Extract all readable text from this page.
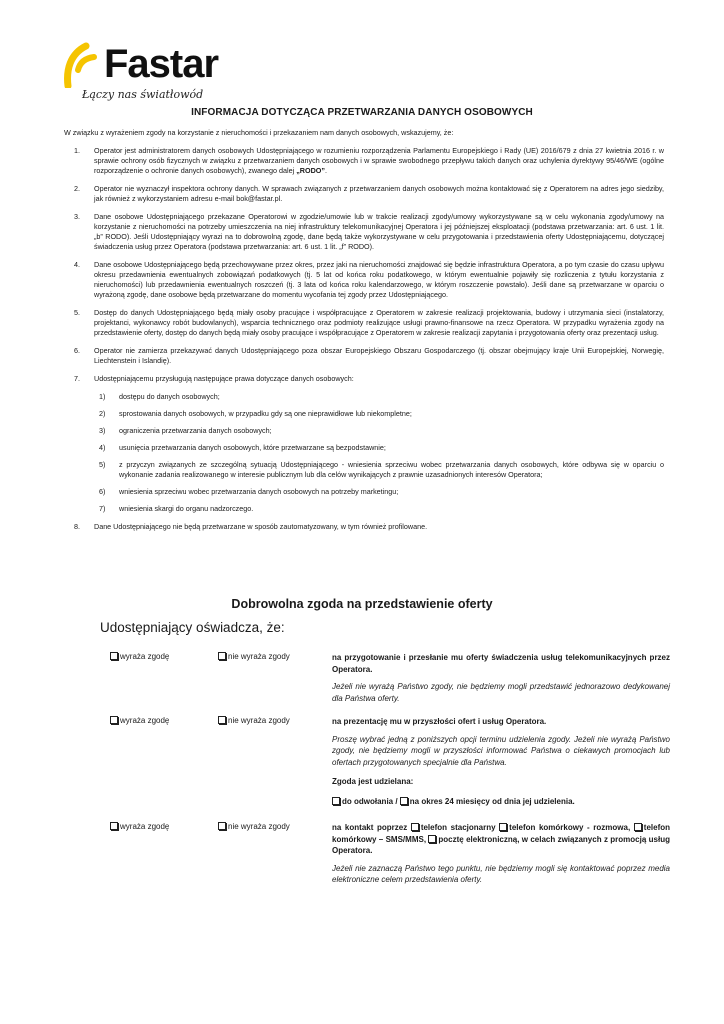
Fastar
Łączy nas światłowód
INFORMACJA DOTYCZĄCA PRZETWARZANIA DANYCH OSOBOWYCH
W związku z wyrażeniem zgody na korzystanie z nieruchomości i przekazaniem nam danych osobowych, wskazujemy, że:
1. Operator jest administratorem danych osobowych Udostępniającego w rozumieniu rozporządzenia Parlamentu Europejskiego i Rady (UE) 2016/679 z dnia 27 kwietnia 2016 r. w sprawie ochrony osób fizycznych w związku z przetwarzaniem danych osobowych i w sprawie swobodnego przepływu takich danych oraz uchylenia dyrektywy 95/46/WE (ogólne rozporządzenie o ochronie danych osobowych), zwanego dalej „RODO”.
2. Operator nie wyznaczył inspektora ochrony danych. W sprawach związanych z przetwarzaniem danych osobowych można kontaktować się z Operatorem na adres jego siedziby, jak również z wykorzystaniem adresu e-mail bok@fastar.pl.
3. Dane osobowe Udostępniającego przekazane Operatorowi w zgodzie/umowie lub w trakcie realizacji zgody/umowy wykorzystywane są w celu wykonania zgody/umowy na korzystanie z nieruchomości na potrzeby umieszczenia na niej infrastruktury telekomunikacyjnej Operatora i jej późniejszej eksploatacji (podstawa przetwarzania: art. 6 ust. 1 lit. „b” RODO). Jeśli Udostępniający wyrazi na to dobrowolną zgodę, dane będą także wykorzystywane w celu przygotowania i przedstawienia oferty Udostępniającemu, dotyczącej świadczenia usług przez Operatora (podstawa przetwarzania: art. 6 ust. 1 lit. „f” RODO).
4. Dane osobowe Udostępniającego będą przechowywane przez okres, przez jaki na nieruchomości znajdować się będzie infrastruktura Operatora, a po tym czasie do czasu upływu okresu przedawnienia ewentualnych zobowiązań podatkowych (tj. 5 lat od końca roku podatkowego, w którym ewentualnie pojawiły się rozliczenia z tytułu korzystania z nieruchomości) lub przedawnienia ewentualnych roszczeń (tj. 3 lata od końca roku kalendarzowego, w którym roszczenie powstało). Jeśli dane są przetwarzane w oparciu o wyrażoną zgodę, dane osobowe będą przetwarzane do momentu wycofania tej zgody przez Udostępniającego.
5. Dostęp do danych Udostępniającego będą miały osoby pracujące i współpracujące z Operatorem w zakresie realizacji projektowania, budowy i utrzymania sieci (instalatorzy, projektanci, wykonawcy robót budowlanych), wsparcia technicznego oraz podmioty realizujące usługi prawno-finansowe na rzecz Operatora. W przypadku wyrażenia zgody na przedstawienie oferty, dostęp do danych będą miały osoby pracujące i współpracujące z Operatorem w zakresie realizacji zapytania i przygotowania oferty oraz prezentacji usług.
6. Operator nie zamierza przekazywać danych Udostępniającego poza obszar Europejskiego Obszaru Gospodarczego (tj. obszar obejmujący kraje Unii Europejskiej, Norwegię, Liechtenstein i Islandię).
7. Udostępniającemu przysługują następujące prawa dotyczące danych osobowych:
1) dostępu do danych osobowych;
2) sprostowania danych osobowych, w przypadku gdy są one nieprawidłowe lub niekompletne;
3) ograniczenia przetwarzania danych osobowych;
4) usunięcia przetwarzania danych osobowych, które przetwarzane są bezpodstawnie;
5) z przyczyn związanych ze szczególną sytuacją Udostępniającego - wniesienia sprzeciwu wobec przetwarzania danych osobowych, które odbywa się w oparciu o wykonanie zadania realizowanego w interesie publicznym lub dla celów wynikających z prawnie uzasadnionych interesów Operatora;
6) wniesienia sprzeciwu wobec przetwarzania danych osobowych na potrzeby marketingu;
7) wniesienia skargi do organu nadzorczego.
8. Dane Udostępniającego nie będą przetwarzane w sposób zautomatyzowany, w tym również profilowane.
Dobrowolna zgoda na przedstawienie oferty
Udostępniający oświadcza, że:
wyraża zgodę	nie wyraża zgody	na przygotowanie i przesłanie mu oferty świadczenia usług telekomunikacyjnych przez Operatora.
Jeżeli nie wyrażą Państwo zgody, nie będziemy mogli przedstawić jednorazowo dedykowanej dla Państwa oferty.
wyraża zgodę	nie wyraża zgody	na prezentację mu w przyszłości ofert i usług Operatora.
Proszę wybrać jedną z poniższych opcji terminu udzielenia zgody. Jeżeli nie wyrażą Państwo zgody, nie będziemy mogli w przyszłości informować Państwa o ciekawych promocjach lub ofertach przygotowanych specjalnie dla Państwa.
Zgoda jest udzielana:
do odwołania / na okres 24 miesięcy od dnia jej udzielenia.
wyraża zgodę	nie wyraża zgody	na kontakt poprzez telefon stacjonarny telefon komórkowy - rozmowa, telefon komórkowy – SMS/MMS, pocztę elektroniczną, w celach związanych z promocją usług Operatora.
Jeżeli nie zaznaczą Państwo tego punktu, nie będziemy mogli się kontaktować poprzez media elektroniczne celem przedstawienia oferty.
